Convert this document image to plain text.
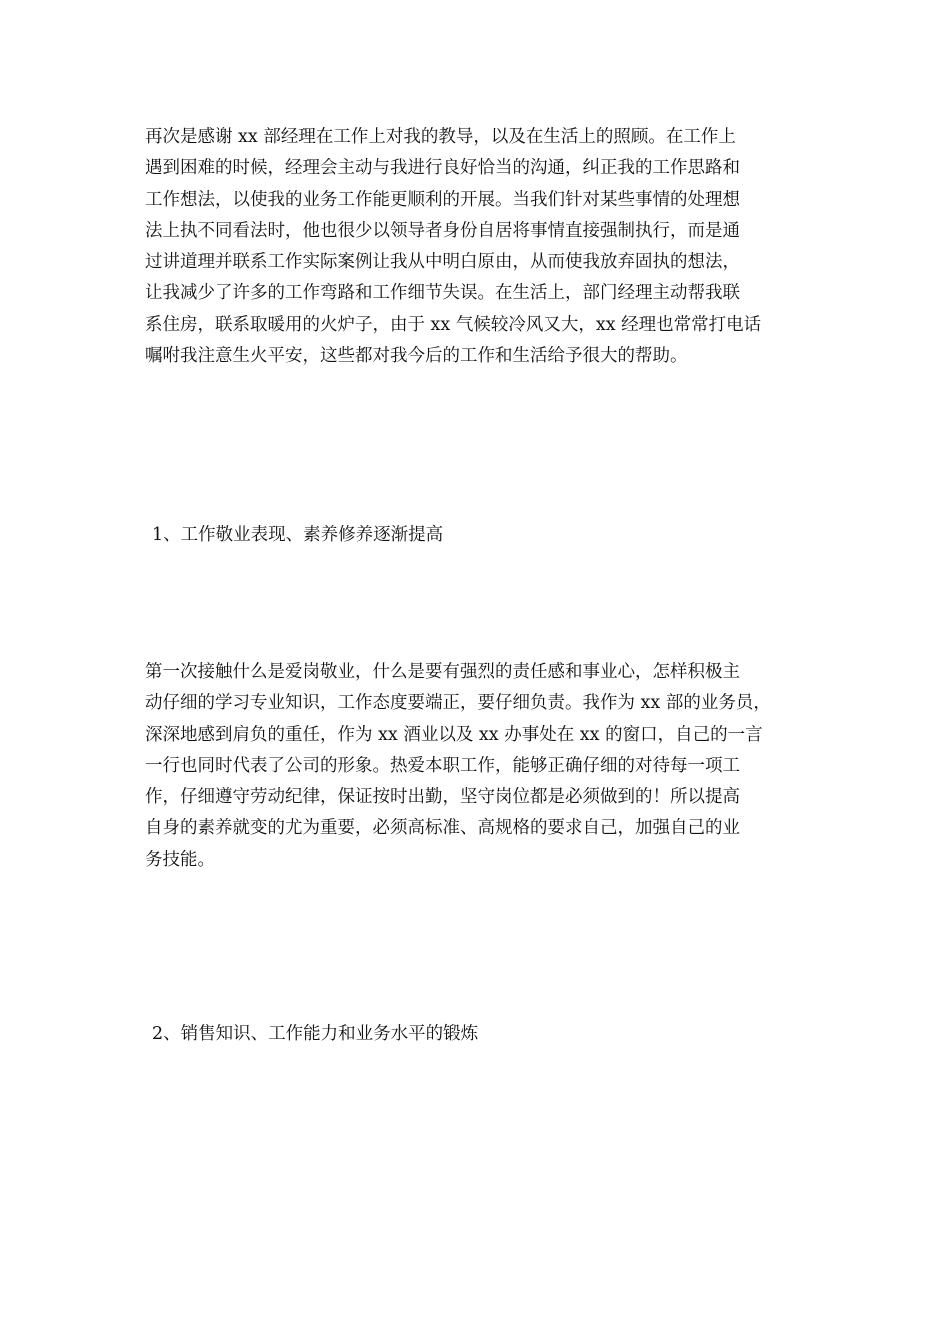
再次是感谢 xx 部经理在工作上对我的教导，以及在生活上的照顾。在工作上
遇到困难的时候，经理会主动与我进行良好恰当的沟通，纠正我的工作思路和
工作想法，以使我的业务工作能更顺利的开展。当我们针对某些事情的处理想
法上执不同看法时，他也很少以领导者身份自居将事情直接强制执行，而是通
过讲道理并联系工作实际案例让我从中明白原由，从而使我放弃固执的想法，
让我减少了许多的工作弯路和工作细节失误。在生活上，部门经理主动帮我联
系住房，联系取暖用的火炉子，由于 xx 气候较冷风又大，xx 经理也常常打电话
嘱咐我注意生火平安，这些都对我今后的工作和生活给予很大的帮助。
1、工作敬业表现、素养修养逐渐提高
第一次接触什么是爱岗敬业，什么是要有强烈的责任感和事业心，怎样积极主
动仔细的学习专业知识，工作态度要端正，要仔细负责。我作为 xx 部的业务员，
深深地感到肩负的重任，作为 xx 酒业以及 xx 办事处在 xx 的窗口，自己的一言
一行也同时代表了公司的形象。热爱本职工作，能够正确仔细的对待每一项工
作，仔细遵守劳动纪律，保证按时出勤，坚守岗位都是必须做到的！所以提高
自身的素养就变的尤为重要，必须高标准、高规格的要求自己，加强自己的业
务技能。
2、销售知识、工作能力和业务水平的锻炼
